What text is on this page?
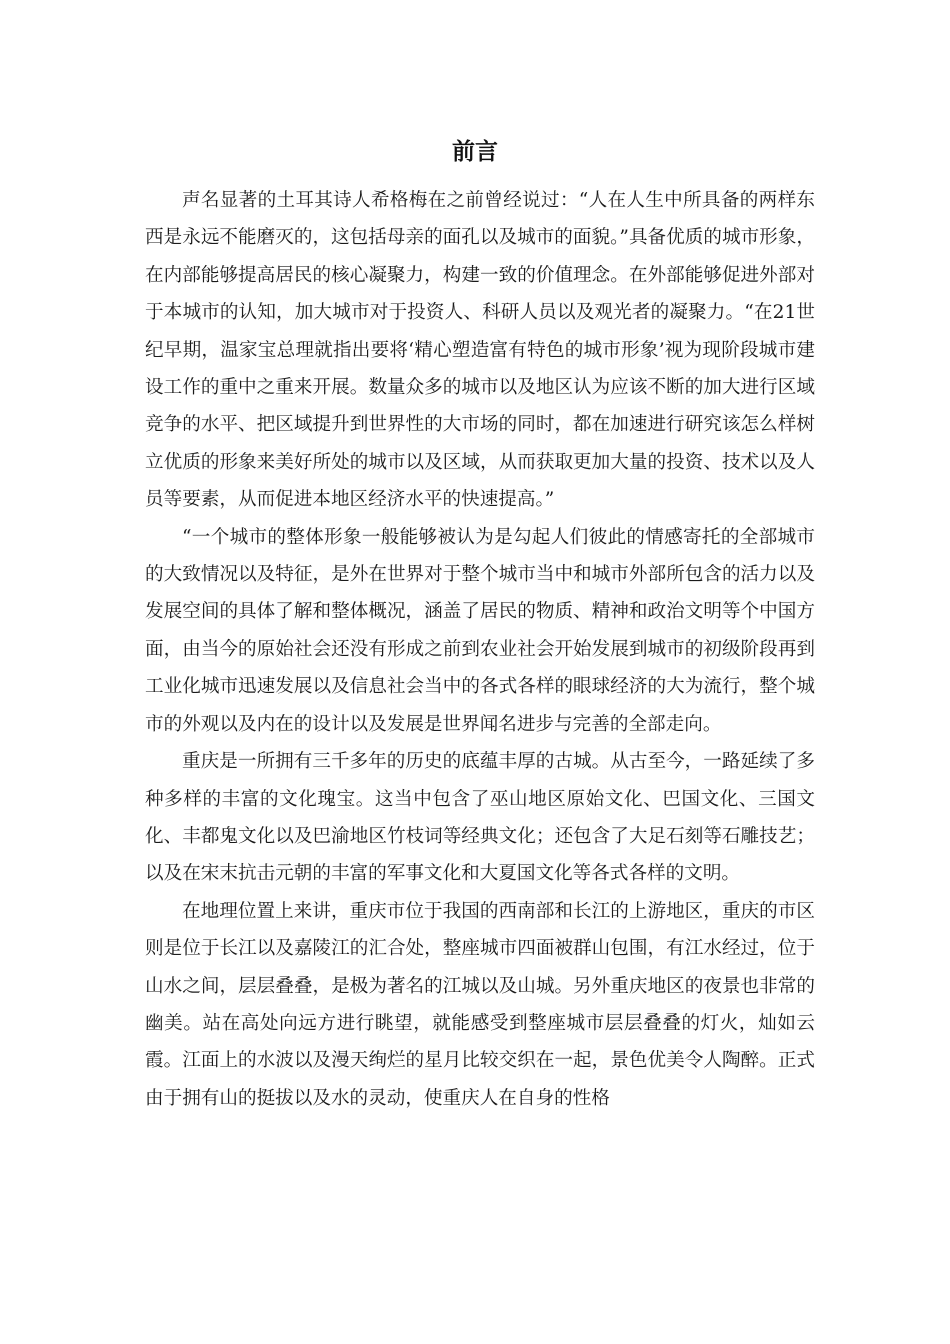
前言

声名显著的土耳其诗人希格梅在之前曾经说过：“人在人生中所具备的两样东西是永远不能磨灭的，这包括母亲的面孔以及城市的面貌。”具备优质的城市形象，在内部能够提高居民的核心凝聚力，构建一致的价值理念。在外部能够促进外部对于本城市的认知，加大城市对于投资人、科研人员以及观光者的凝聚力。“在21世纪早期，温家宝总理就指出要将‘精心塑造富有特色的城市形象’视为现阶段城市建设工作的重中之重来开展。数量众多的城市以及地区认为应该不断的加大进行区域竞争的水平、把区域提升到世界性的大市场的同时，都在加速进行研究该怎么样树立优质的形象来美好所处的城市以及区域，从而获取更加大量的投资、技术以及人员等要素，从而促进本地区经济水平的快速提高。”

“一个城市的整体形象一般能够被认为是勾起人们彼此的情感寄托的全部城市的大致情况以及特征，是外在世界对于整个城市当中和城市外部所包含的活力以及发展空间的具体了解和整体概况，涵盖了居民的物质、精神和政治文明等个中国方面，由当今的原始社会还没有形成之前到农业社会开始发展到城市的初级阶段再到工业化城市迅速发展以及信息社会当中的各式各样的眼球经济的大为流行，整个城市的外观以及内在的设计以及发展是世界闻名进步与完善的全部走向。

重庆是一所拥有三千多年的历史的底蕴丰厚的古城。从古至今，一路延续了多种多样的丰富的文化瑰宝。这当中包含了巫山地区原始文化、巴国文化、三国文化、丰都鬼文化以及巴渝地区竹枝词等经典文化；还包含了大足石刻等石雕技艺；以及在宋末抗击元朝的丰富的军事文化和大夏国文化等各式各样的文明。

在地理位置上来讲，重庆市位于我国的西南部和长江的上游地区，重庆的市区则是位于长江以及嘉陵江的汇合处，整座城市四面被群山包围，有江水经过，位于山水之间，层层叠叠，是极为著名的江城以及山城。另外重庆地区的夜景也非常的幽美。站在高处向远方进行眺望，就能感受到整座城市层层叠叠的灯火，灿如云霞。江面上的水波以及漫天绚烂的星月比较交织在一起，景色优美令人陶醉。正式由于拥有山的挺拔以及水的灵动，使重庆人在自身的性格
